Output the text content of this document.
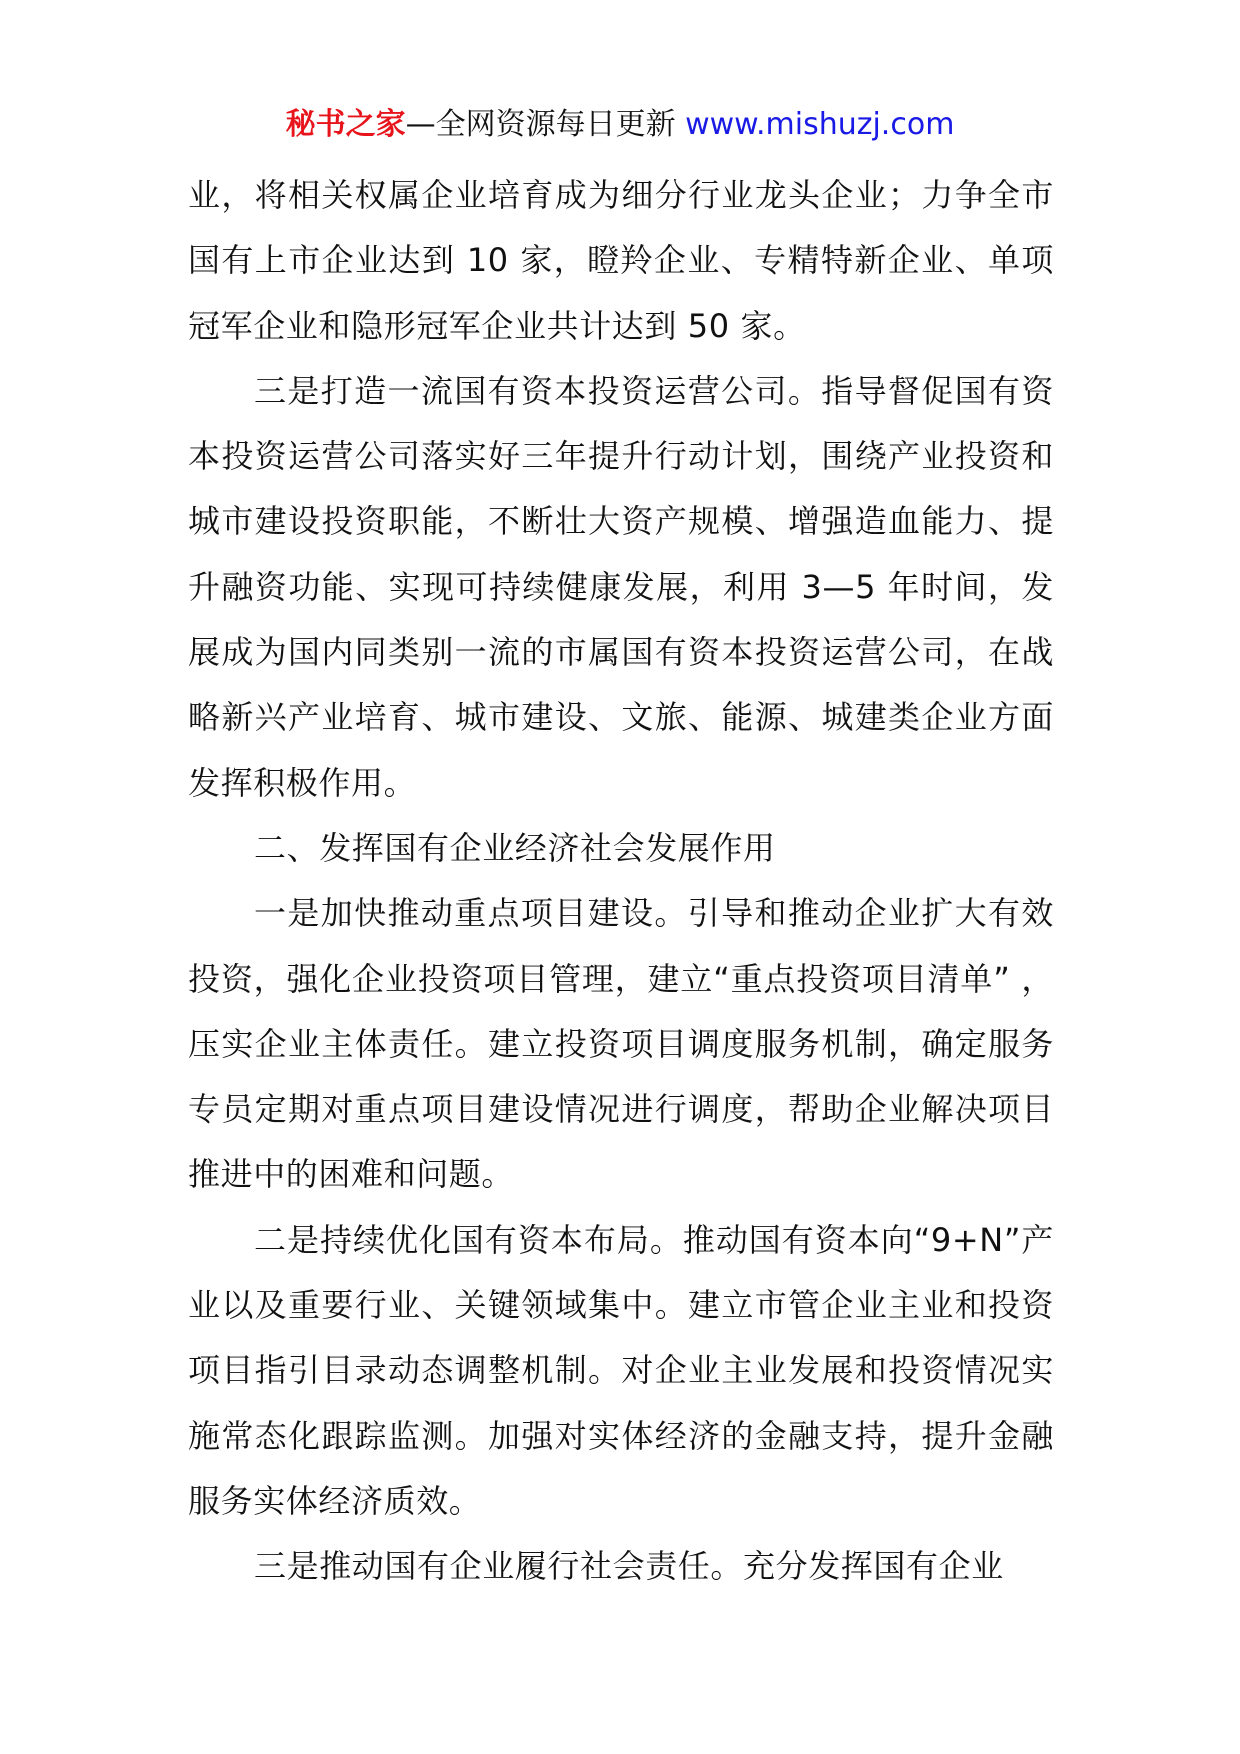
秘书之家—全网资源每日更新 www.mishuzj.com

业，将相关权属企业培育成为细分行业龙头企业；力争全市国有上市企业达到 10 家，瞪羚企业、专精特新企业、单项冠军企业和隐形冠军企业共计达到 50 家。

三是打造一流国有资本投资运营公司。指导督促国有资本投资运营公司落实好三年提升行动计划，围绕产业投资和城市建设投资职能，不断壮大资产规模、增强造血能力、提升融资功能、实现可持续健康发展，利用 3—5 年时间，发展成为国内同类别一流的市属国有资本投资运营公司，在战略新兴产业培育、城市建设、文旅、能源、城建类企业方面发挥积极作用。

二、发挥国有企业经济社会发展作用

一是加快推动重点项目建设。引导和推动企业扩大有效投资，强化企业投资项目管理，建立“重点投资项目清单” ，压实企业主体责任。建立投资项目调度服务机制，确定服务专员定期对重点项目建设情况进行调度，帮助企业解决项目推进中的困难和问题。

二是持续优化国有资本布局。推动国有资本向“9+N”产业以及重要行业、关键领域集中。建立市管企业主业和投资项目指引目录动态调整机制。对企业主业发展和投资情况实施常态化跟踪监测。加强对实体经济的金融支持，提升金融服务实体经济质效。

三是推动国有企业履行社会责任。充分发挥国有企业
